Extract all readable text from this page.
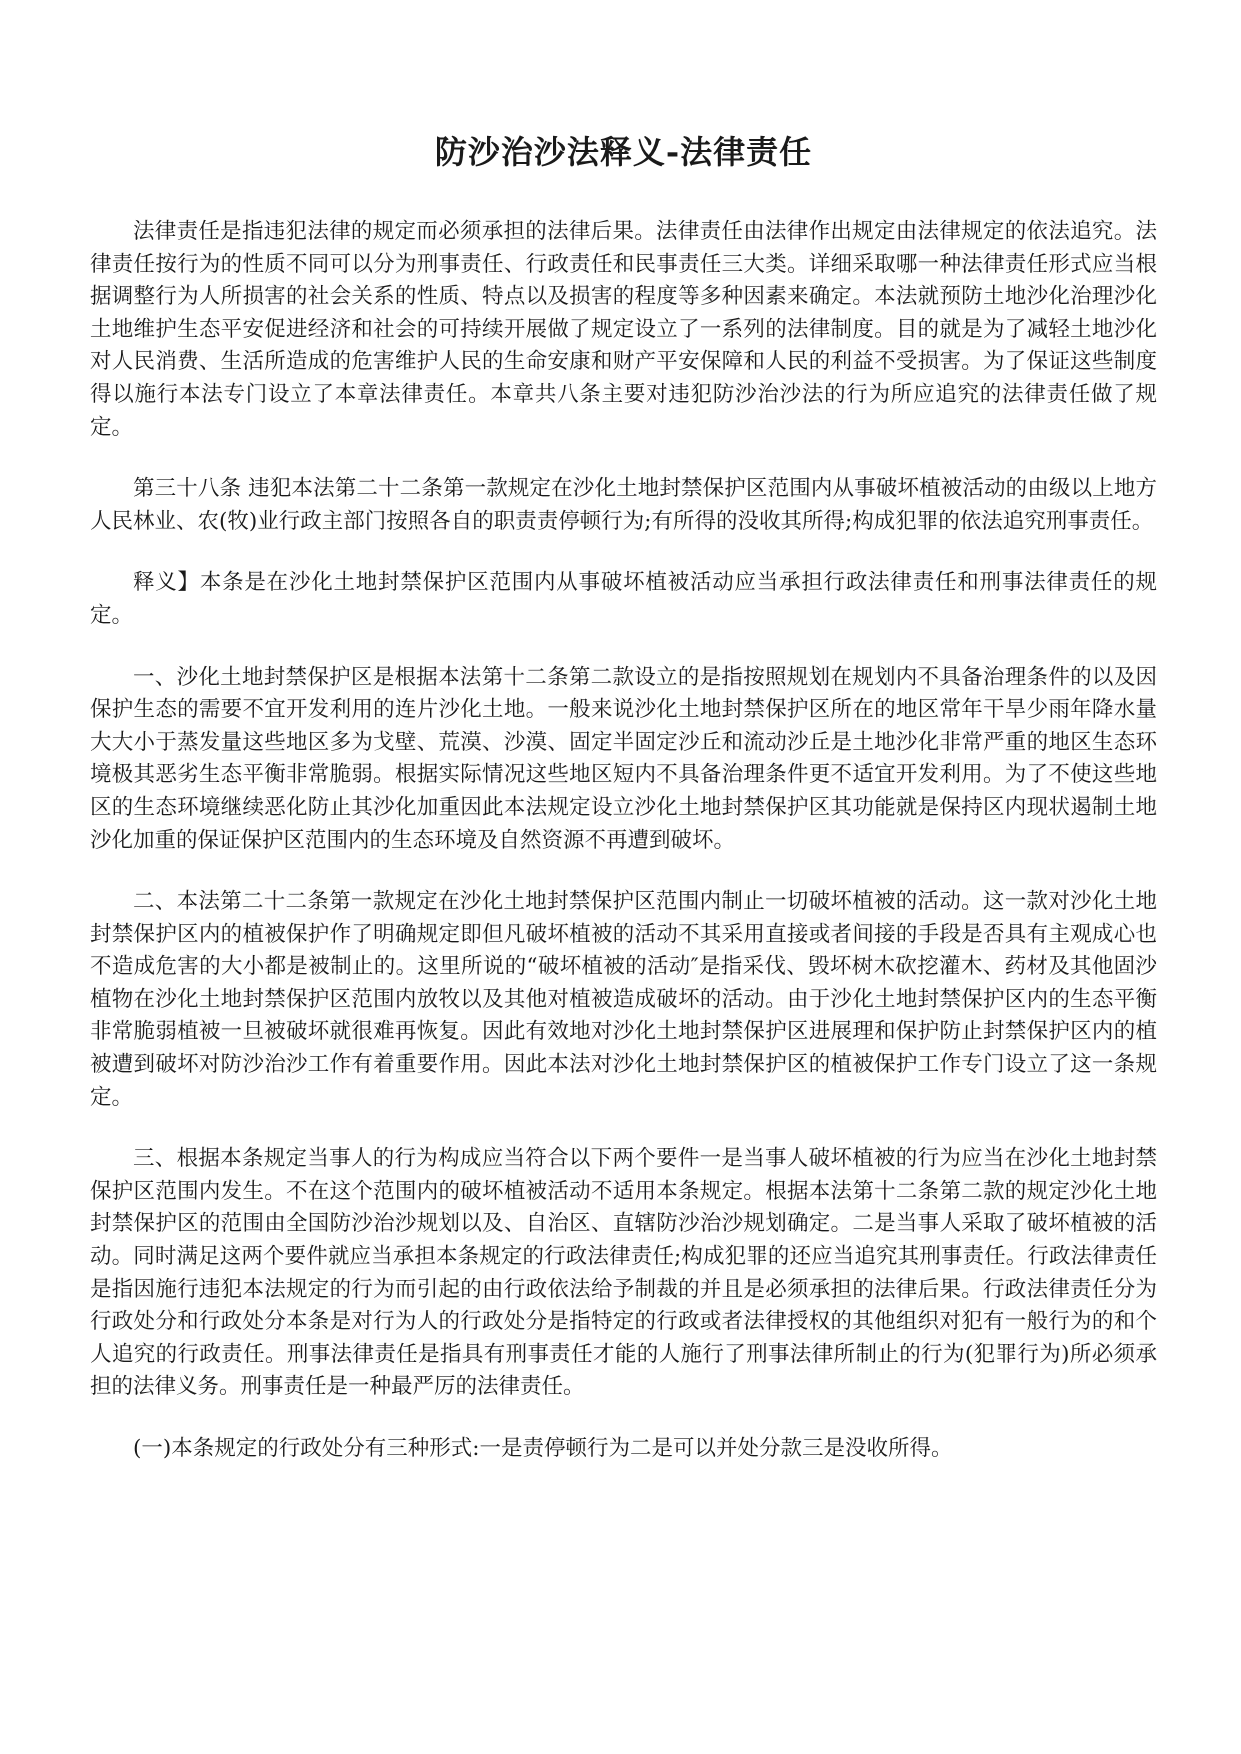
防沙治沙法释义-法律责任

法律责任是指违犯法律的规定而必须承担的法律后果。法律责任由法律作出规定由法律规定的依法追究。法律责任按行为的性质不同可以分为刑事责任、行政责任和民事责任三大类。详细采取哪一种法律责任形式应当根据调整行为人所损害的社会关系的性质、特点以及损害的程度等多种因素来确定。本法就预防土地沙化治理沙化土地维护生态平安促进经济和社会的可持续开展做了规定设立了一系列的法律制度。目的就是为了减轻土地沙化对人民消费、生活所造成的危害维护人民的生命安康和财产平安保障和人民的利益不受损害。为了保证这些制度得以施行本法专门设立了本章法律责任。本章共八条主要对违犯防沙治沙法的行为所应追究的法律责任做了规定。

第三十八条 违犯本法第二十二条第一款规定在沙化土地封禁保护区范围内从事破坏植被活动的由级以上地方人民林业、农(牧)业行政主部门按照各自的职责责停顿行为;有所得的没收其所得;构成犯罪的依法追究刑事责任。

释义】本条是在沙化土地封禁保护区范围内从事破坏植被活动应当承担行政法律责任和刑事法律责任的规定。

一、沙化土地封禁保护区是根据本法第十二条第二款设立的是指按照规划在规划内不具备治理条件的以及因保护生态的需要不宜开发利用的连片沙化土地。一般来说沙化土地封禁保护区所在的地区常年干旱少雨年降水量大大小于蒸发量这些地区多为戈壁、荒漠、沙漠、固定半固定沙丘和流动沙丘是土地沙化非常严重的地区生态环境极其恶劣生态平衡非常脆弱。根据实际情况这些地区短内不具备治理条件更不适宜开发利用。为了不使这些地区的生态环境继续恶化防止其沙化加重因此本法规定设立沙化土地封禁保护区其功能就是保持区内现状遏制土地沙化加重的保证保护区范围内的生态环境及自然资源不再遭到破坏。

二、本法第二十二条第一款规定在沙化土地封禁保护区范围内制止一切破坏植被的活动。这一款对沙化土地封禁保护区内的植被保护作了明确规定即但凡破坏植被的活动不其采用直接或者间接的手段是否具有主观成心也不造成危害的大小都是被制止的。这里所说的“破坏植被的活动″是指采伐、毁坏树木砍挖灌木、药材及其他固沙植物在沙化土地封禁保护区范围内放牧以及其他对植被造成破坏的活动。由于沙化土地封禁保护区内的生态平衡非常脆弱植被一旦被破坏就很难再恢复。因此有效地对沙化土地封禁保护区进展理和保护防止封禁保护区内的植被遭到破坏对防沙治沙工作有着重要作用。因此本法对沙化土地封禁保护区的植被保护工作专门设立了这一条规定。

三、根据本条规定当事人的行为构成应当符合以下两个要件一是当事人破坏植被的行为应当在沙化土地封禁保护区范围内发生。不在这个范围内的破坏植被活动不适用本条规定。根据本法第十二条第二款的规定沙化土地封禁保护区的范围由全国防沙治沙规划以及、自治区、直辖防沙治沙规划确定。二是当事人采取了破坏植被的活动。同时满足这两个要件就应当承担本条规定的行政法律责任;构成犯罪的还应当追究其刑事责任。行政法律责任是指因施行违犯本法规定的行为而引起的由行政依法给予制裁的并且是必须承担的法律后果。行政法律责任分为行政处分和行政处分本条是对行为人的行政处分是指特定的行政或者法律授权的其他组织对犯有一般行为的和个人追究的行政责任。刑事法律责任是指具有刑事责任才能的人施行了刑事法律所制止的行为(犯罪行为)所必须承担的法律义务。刑事责任是一种最严厉的法律责任。

(一)本条规定的行政处分有三种形式:一是责停顿行为二是可以并处分款三是没收所得。
